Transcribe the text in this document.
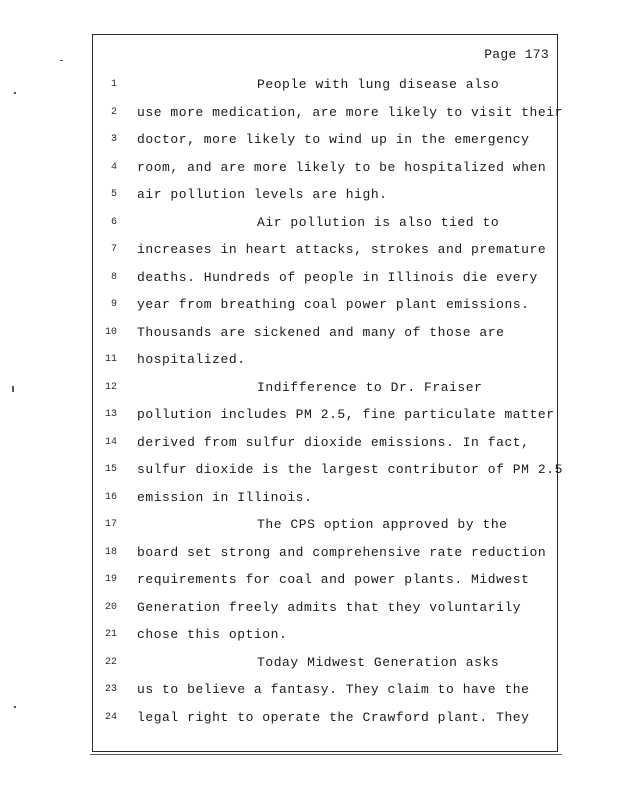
Page 173
1	People with lung disease also
2 use more medication, are more likely to visit their
3 doctor, more likely to wind up in the emergency
4 room, and are more likely to be hospitalized when
5 air pollution levels are high.
6	Air pollution is also tied to
7 increases in heart attacks, strokes and premature
8 deaths. Hundreds of people in Illinois die every
9 year from breathing coal power plant emissions.
10 Thousands are sickened and many of those are
11 hospitalized.
12	Indifference to Dr. Fraiser
13 pollution includes PM 2.5, fine particulate matter
14 derived from sulfur dioxide emissions. In fact,
15 sulfur dioxide is the largest contributor of PM 2.5
16 emission in Illinois.
17	The CPS option approved by the
18 board set strong and comprehensive rate reduction
19 requirements for coal and power plants. Midwest
20 Generation freely admits that they voluntarily
21 chose this option.
22	Today Midwest Generation asks
23 us to believe a fantasy. They claim to have the
24 legal right to operate the Crawford plant. They
